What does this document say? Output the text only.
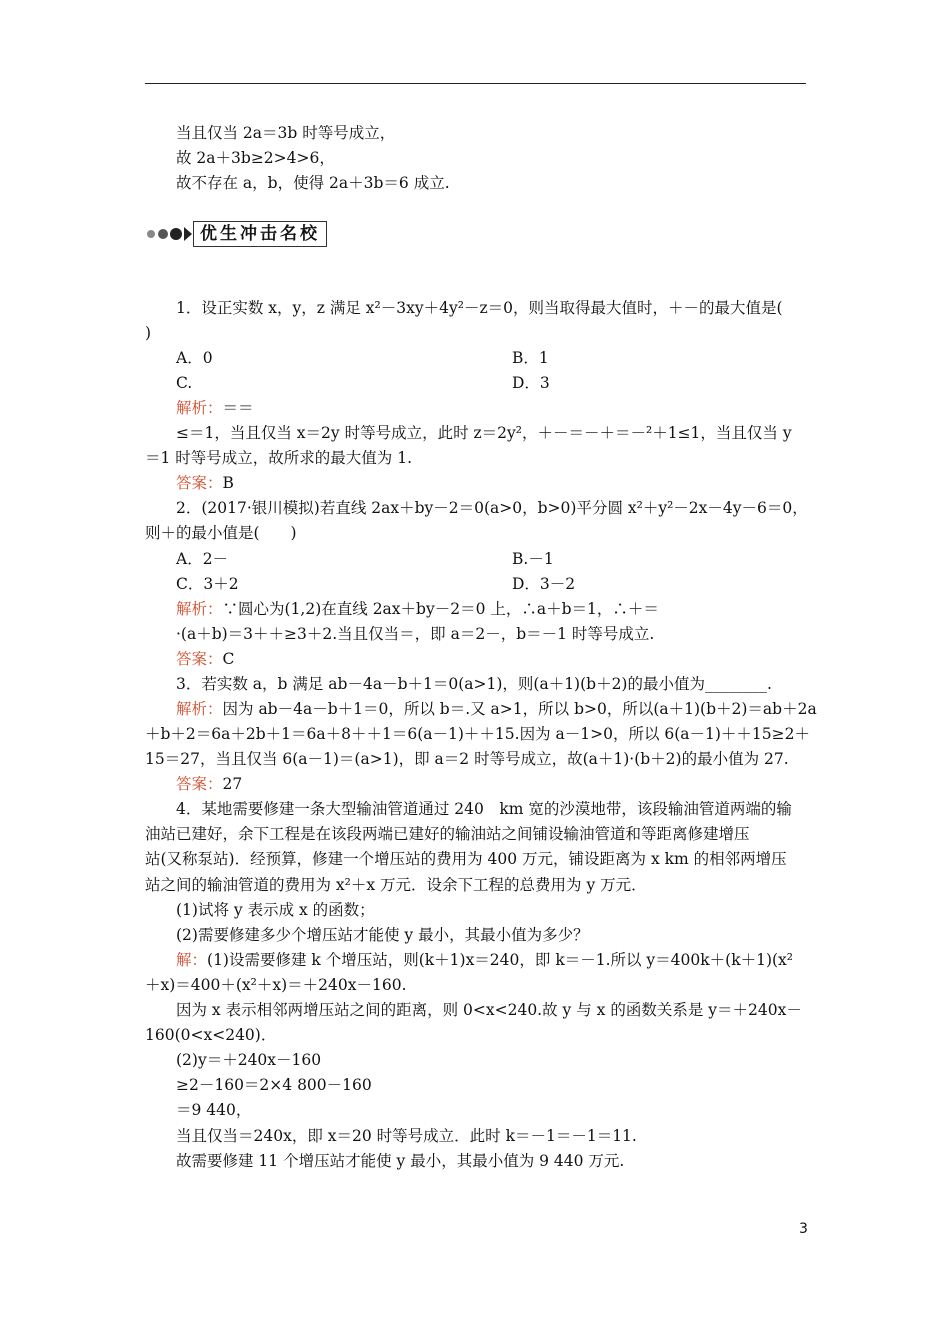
当且仅当 2a＝3b 时等号成立，
故 2a＋3b≥2>4>6，
故不存在 a，b，使得 2a＋3b＝6 成立.
优生冲击名校
1．设正实数 x，y，z 满足 x²－3xy＋4y²－z＝0，则当取得最大值时，＋－的最大值是(
)
A．0	B．1
C.	D．3
解析：＝＝
≤＝1，当且仅当 x＝2y 时等号成立，此时 z＝2y²，＋－＝－＋＝－²＋1≤1，当且仅当 y
＝1 时等号成立，故所求的最大值为 1.
答案：B
2．(2017·银川模拟)若直线 2ax＋by－2＝0(a>0，b>0)平分圆 x²＋y²－2x－4y－6＝0，
则＋的最小值是(　　)
A．2－	B.－1
C．3＋2	D．3－2
解析：∵圆心为(1,2)在直线 2ax＋by－2＝0 上，∴a＋b＝1，∴＋＝
·(a＋b)＝3＋＋≥3＋2.当且仅当＝，即 a＝2－，b＝－1 时等号成立.
答案：C
3．若实数 a，b 满足 ab－4a－b＋1＝0(a>1)，则(a＋1)(b＋2)的最小值为________.
解析：因为 ab－4a－b＋1＝0，所以 b＝.又 a>1，所以 b>0，所以(a＋1)(b＋2)＝ab＋2a
＋b＋2＝6a＋2b＋1＝6a＋8＋＋1＝6(a－1)＋＋15.因为 a－1>0，所以 6(a－1)＋＋15≥2＋
15＝27，当且仅当 6(a－1)＝(a>1)，即 a＝2 时等号成立，故(a＋1)·(b＋2)的最小值为 27.
答案：27
4．某地需要修建一条大型输油管道通过 240　km 宽的沙漠地带，该段输油管道两端的输
油站已建好，余下工程是在该段两端已建好的输油站之间铺设输油管道和等距离修建增压
站(又称泵站)．经预算，修建一个增压站的费用为 400 万元，铺设距离为 x km 的相邻两增压
站之间的输油管道的费用为 x²＋x 万元．设余下工程的总费用为 y 万元．
(1)试将 y 表示成 x 的函数；
(2)需要修建多少个增压站才能使 y 最小，其最小值为多少？
解：(1)设需要修建 k 个增压站，则(k＋1)x＝240，即 k＝－1.所以 y＝400k＋(k＋1)(x²
＋x)＝400＋(x²＋x)＝＋240x－160.
因为 x 表示相邻两增压站之间的距离，则 0<x<240.故 y 与 x 的函数关系是 y＝＋240x－
160(0<x<240)．
(2)y＝＋240x－160
≥2－160＝2×4 800－160
＝9 440，
当且仅当＝240x，即 x＝20 时等号成立．此时 k＝－1＝－1＝11.
故需要修建 11 个增压站才能使 y 最小，其最小值为 9 440 万元.
3
